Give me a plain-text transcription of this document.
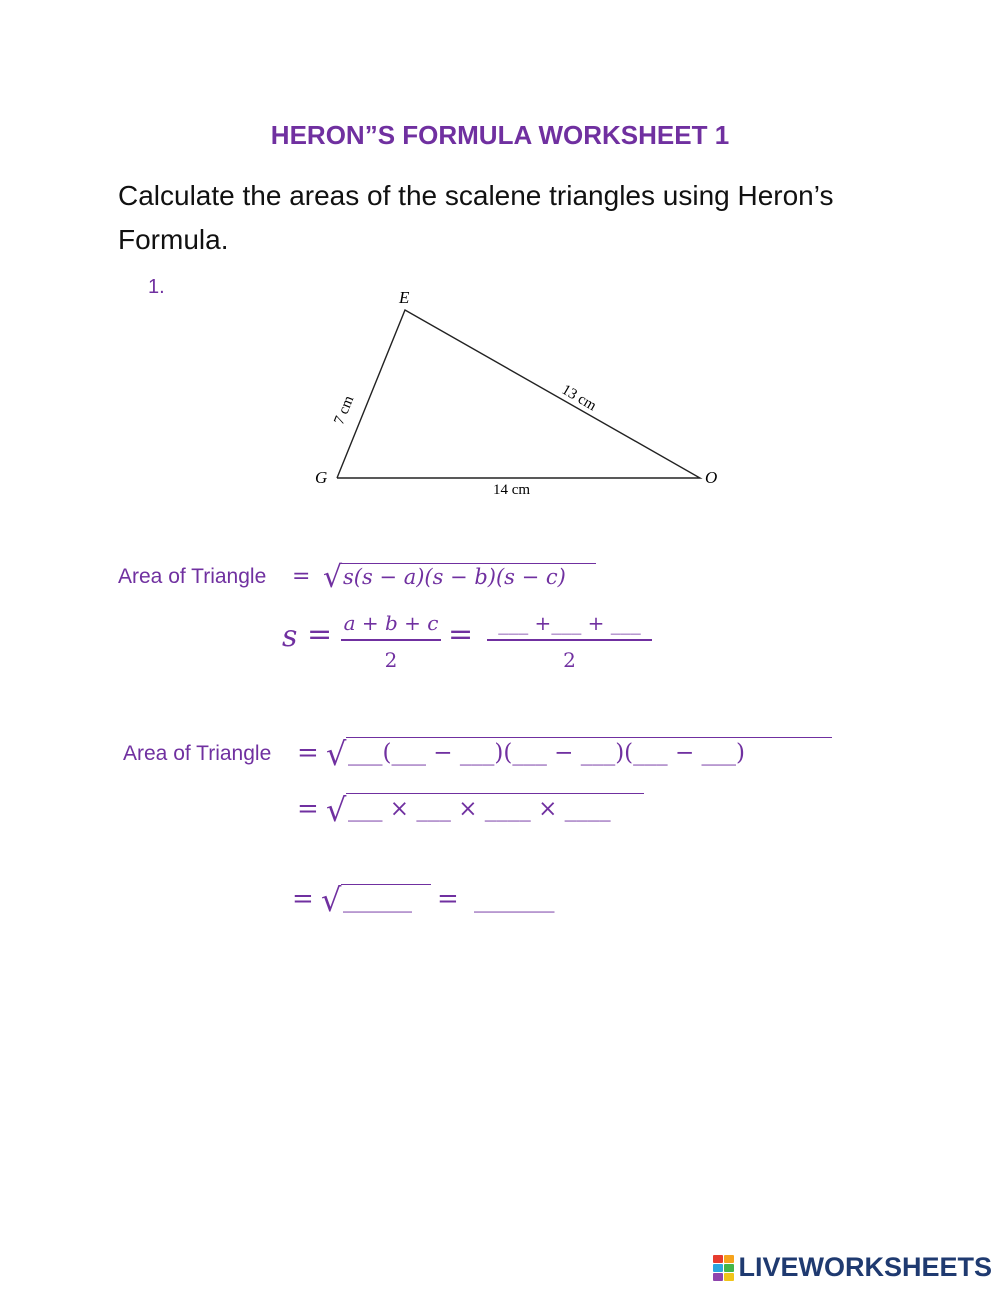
HERON”S FORMULA WORKSHEET 1
Calculate the areas of the scalene triangles using Heron’s Formula.
1.	E
G	O
7 cm	13 cm
14 cm
Area of Triangle = √ s(s − a)(s − b)(s − c)
s = a + b + c
2
=	___ +___ + ___
2
Area of Triangle = √ ___(___ − ___)(___ − ___)(___ − ___)
= √ ___ × ___ × ____ × ____
= √ ______ = _______
LIVEWORKSHEETS
